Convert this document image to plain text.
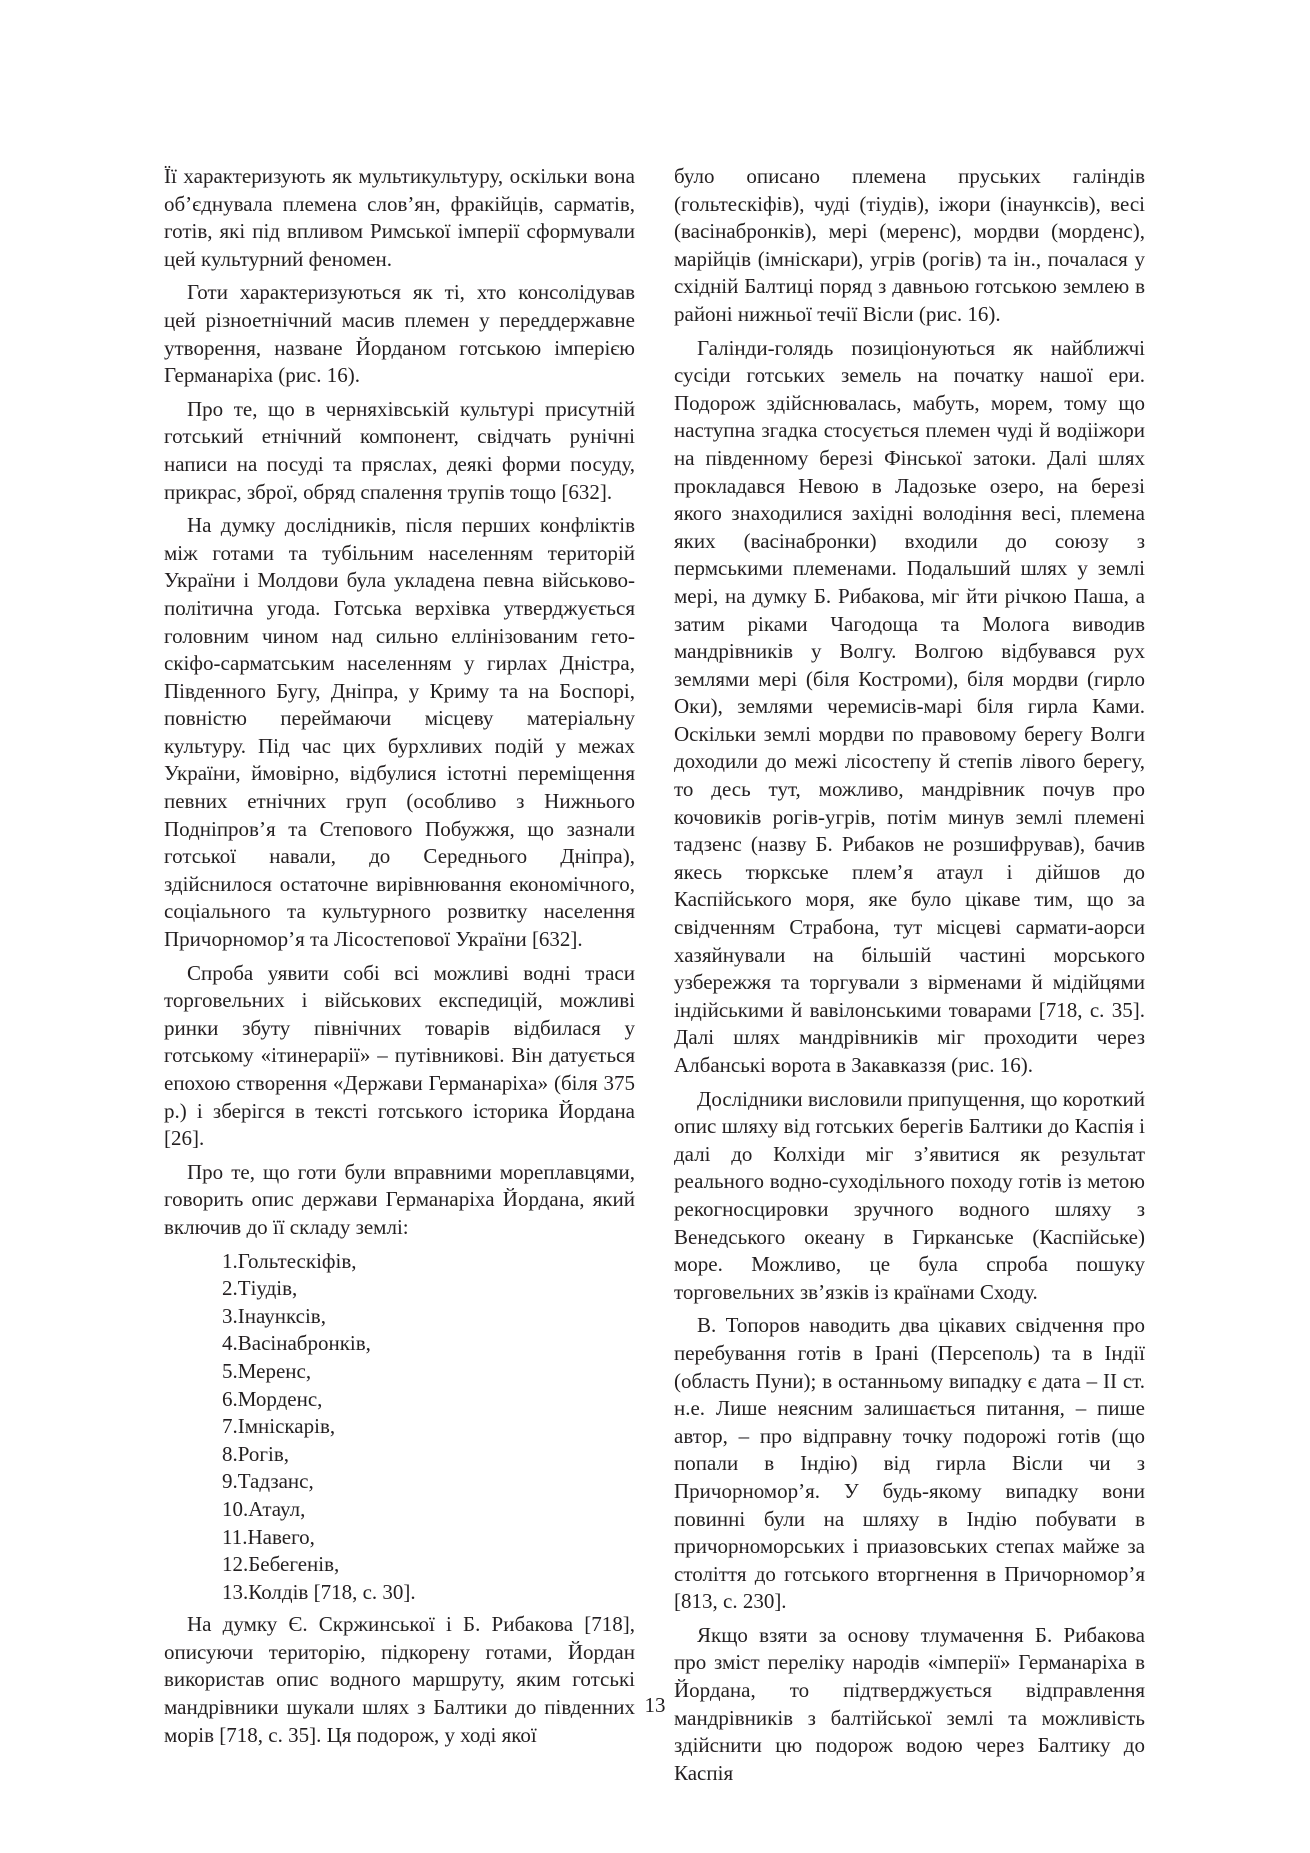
Її характеризують як мультикультуру, оскільки вона об’єднувала племена слов’ян, фракійців, сарматів, готів, які під впливом Римської імперії сформували цей культурний феномен.

Готи характеризуються як ті, хто консолідував цей різноетнічний масив племен у переддержавне утворення, назване Йорданом готською імперією Германаріха (рис. 16).

Про те, що в черняхівській культурі присутній готський етнічний компонент, свідчать рунічні написи на посуді та пряслах, деякі форми посуду, прикрас, зброї, обряд спалення трупів тощо [632].

На думку дослідників, після перших конфліктів між готами та тубільним населенням територій України і Молдови була укладена певна військово-політична угода. Готська верхівка утверджується головним чином над сильно еллінізованим гето-скіфо-сарматським населенням у гирлах Дністра, Південного Бугу, Дніпра, у Криму та на Боспорі, повністю переймаючи місцеву матеріальну культуру. Під час цих бурхливих подій у межах України, ймовірно, відбулися істотні переміщення певних етнічних груп (особливо з Нижнього Подніпров’я та Степового Побужжя, що зазнали готської навали, до Середнього Дніпра), здійснилося остаточне вирівнювання економічного, соціального та культурного розвитку населення Причорномор’я та Лісостепової України [632].

Спроба уявити собі всі можливі водні траси торговельних і військових експедицій, можливі ринки збуту північних товарів відбилася у готському «ітинерарії» – путівникові. Він датується епохою створення «Держави Германаріха» (біля 375 р.) і зберігся в тексті готського історика Йордана [26].

Про те, що готи були вправними мореплавцями, говорить опис держави Германаріха Йордана, який включив до її складу землі:

1.Гольтескіфів,
2.Тіудів,
3.Інаунксів,
4.Васінабронків,
5.Меренс,
6.Морденс,
7.Імніскарів,
8.Рогів,
9.Тадзанс,
10.Атаул,
11.Навего,
12.Бебегенів,
13.Колдів [718, с. 30].

На думку Є. Скржинської і Б. Рибакова [718], описуючи територію, підкорену готами, Йордан використав опис водного маршруту, яким готські мандрівники шукали шлях з Балтики до південних морів [718, с. 35]. Ця подорож, у ході якої

було описано племена пруських галіндів (гольтескіфів), чуді (тіудів), іжори (інаунксів), весі (васінабронків), мері (меренс), мордви (морденс), марійців (імніскари), угрів (рогів) та ін., почалася у східній Балтиці поряд з давньою готською землею в районі нижньої течії Вісли (рис. 16).

Галінди-голядь позиціонуються як найближчі сусіди готських земель на початку нашої ери. Подорож здійснювалась, мабуть, морем, тому що наступна згадка стосується племен чуді й водііжори на південному березі Фінської затоки. Далі шлях прокладався Невою в Ладозьке озеро, на березі якого знаходилися західні володіння весі, племена яких (васінабронки) входили до союзу з пермськими племенами. Подальший шлях у землі мері, на думку Б. Рибакова, міг йти річкою Паша, а затим ріками Чагодоща та Молога виводив мандрівників у Волгу. Волгою відбувався рух землями мері (біля Костроми), біля мордви (гирло Оки), землями черемисів-марі біля гирла Ками. Оскільки землі мордви по правовому берегу Волги доходили до межі лісостепу й степів лівого берегу, то десь тут, можливо, мандрівник почув про кочовиків рогів-угрів, потім минув землі племені тадзенс (назву Б. Рибаков не розшифрував), бачив якесь тюркське плем’я атаул і дійшов до Каспійського моря, яке було цікаве тим, що за свідченням Страбона, тут місцеві сармати-аорси хазяйнували на більшій частині морського узбережжя та торгували з вірменами й мідійцями індійськими й вавілонськими товарами [718, с. 35]. Далі шлях мандрівників міг проходити через Албанські ворота в Закавказзя (рис. 16).

Дослідники висловили припущення, що короткий опис шляху від готських берегів Балтики до Каспія і далі до Колхіди міг з’явитися як результат реального водно-суходільного походу готів із метою рекогносцировки зручного водного шляху з Венедського океану в Гирканське (Каспійське) море. Можливо, це була спроба пошуку торговельних зв’язків із країнами Сходу.

В. Топоров наводить два цікавих свідчення про перебування готів в Ірані (Персеполь) та в Індії (область Пуни); в останньому випадку є дата – ІІ ст. н.е. Лише неясним залишається питання, – пише автор, – про відправну точку подорожі готів (що попали в Індію) від гирла Вісли чи з Причорномор’я. У будь-якому випадку вони повинні були на шляху в Індію побувати в причорноморських і приазовських степах майже за століття до готського вторгнення в Причорномор’я [813, с. 230].

Якщо взяти за основу тлумачення Б. Рибакова про зміст переліку народів «імперії» Германаріха в Йордана, то підтверджується відправлення мандрівників з балтійської землі та можливість здійснити цю подорож водою через Балтику до Каспія

13
